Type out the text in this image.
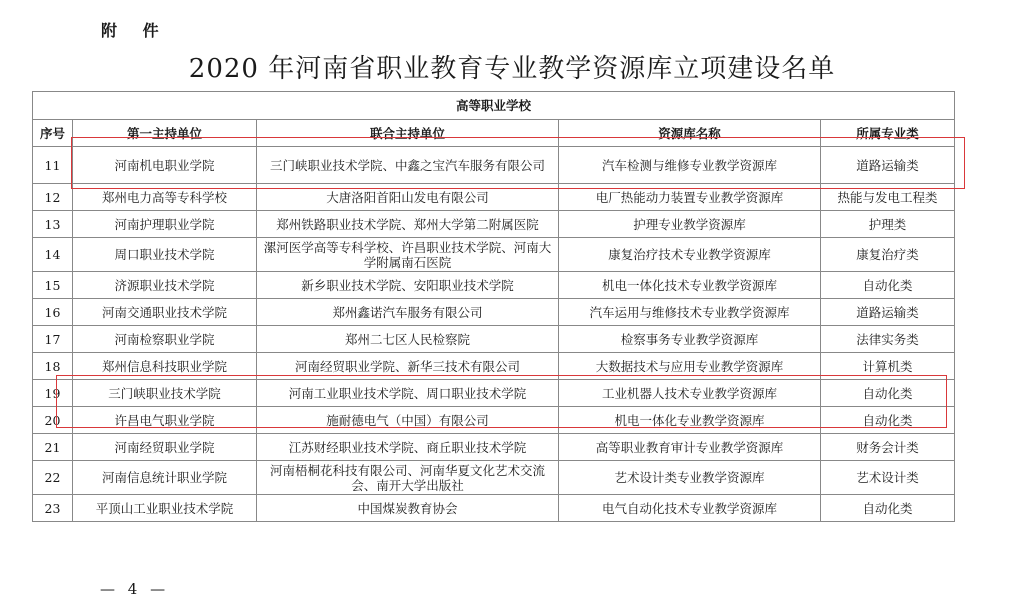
附 件
2020 年河南省职业教育专业教学资源库立项建设名单
高等职业学校				
序号	第一主持单位	联合主持单位	资源库名称	所属专业类
11	河南机电职业学院	三门峡职业技术学院、中鑫之宝汽车服务有限公司	汽车检测与维修专业教学资源库	道路运输类
12	郑州电力高等专科学校	大唐洛阳首阳山发电有限公司	电厂热能动力装置专业教学资源库	热能与发电工程类
13	河南护理职业学院	郑州铁路职业技术学院、郑州大学第二附属医院	护理专业教学资源库	护理类
14	周口职业技术学院	漯河医学高等专科学校、许昌职业技术学院、河南大学附属南石医院	康复治疗技术专业教学资源库	康复治疗类
15	济源职业技术学院	新乡职业技术学院、安阳职业技术学院	机电一体化技术专业教学资源库	自动化类
16	河南交通职业技术学院	郑州鑫诺汽车服务有限公司	汽车运用与维修技术专业教学资源库	道路运输类
17	河南检察职业学院	郑州二七区人民检察院	检察事务专业教学资源库	法律实务类
18	郑州信息科技职业学院	河南经贸职业学院、新华三技术有限公司	大数据技术与应用专业教学资源库	计算机类
19	三门峡职业技术学院	河南工业职业技术学院、周口职业技术学院	工业机器人技术专业教学资源库	自动化类
20	许昌电气职业学院	施耐德电气（中国）有限公司	机电一体化专业教学资源库	自动化类
21	河南经贸职业学院	江苏财经职业技术学院、商丘职业技术学院	高等职业教育审计专业教学资源库	财务会计类
22	河南信息统计职业学院	河南梧桐花科技有限公司、河南华夏文化艺术交流会、南开大学出版社	艺术设计类专业教学资源库	艺术设计类
23	平顶山工业职业技术学院	中国煤炭教育协会	电气自动化技术专业教学资源库	自动化类
— 4 —
